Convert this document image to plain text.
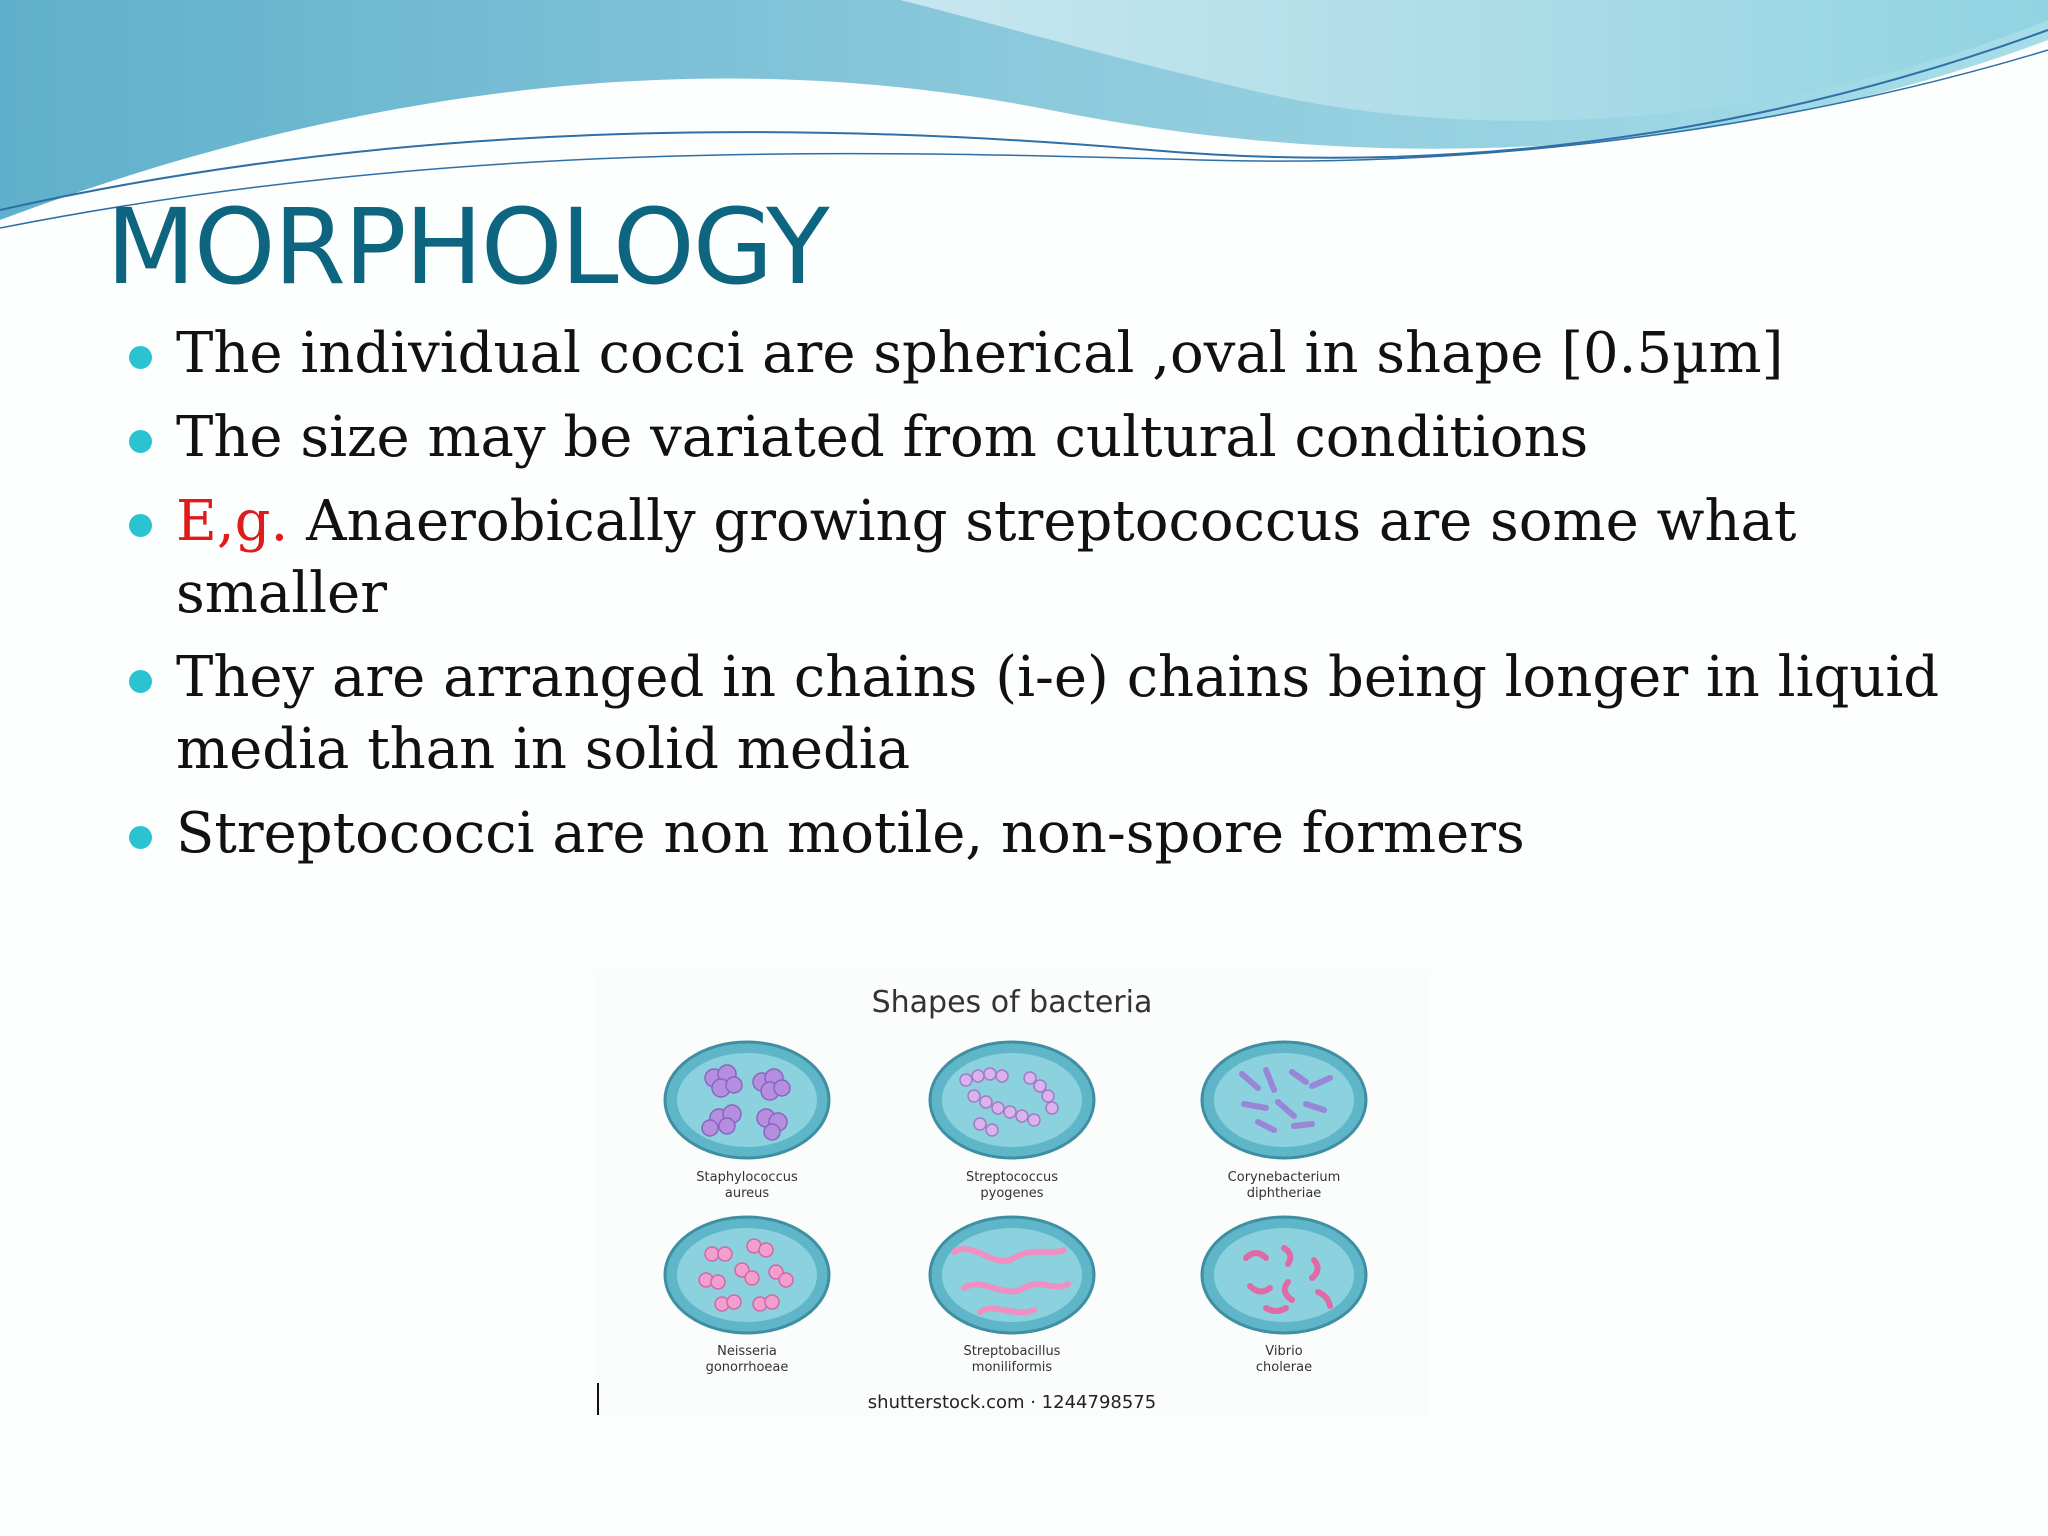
MORPHOLOGY
The individual cocci are spherical ,oval in shape [0.5µm]
The size may be variated from cultural conditions
E,g. Anaerobically growing streptococcus are some what smaller
They are arranged in chains (i-e) chains being longer in liquid media than in solid media
Streptococci are non motile, non-spore formers
Shapes of bacteria
Staphylococcus
aureus
Streptococcus
pyogenes
Corynebacterium
diphtheriae
Neisseria
gonorrhoeae
Streptobacillus
moniliformis
Vibrio
cholerae
shutterstock.com · 1244798575
